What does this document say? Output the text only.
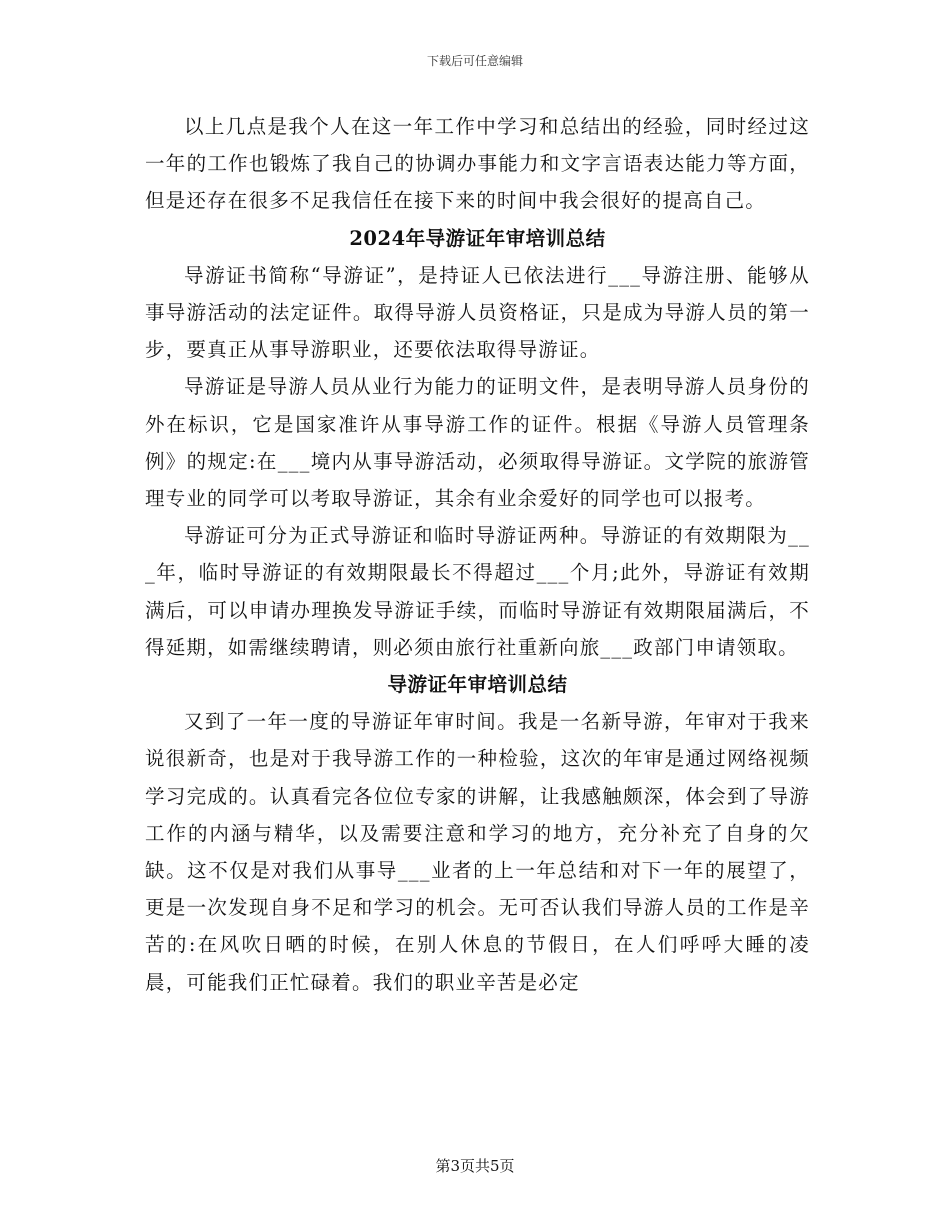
下载后可任意编辑

以上几点是我个人在这一年工作中学习和总结出的经验，同时经过这一年的工作也锻炼了我自己的协调办事能力和文字言语表达能力等方面，但是还存在很多不足我信任在接下来的时间中我会很好的提高自己。

2024年导游证年审培训总结

导游证书简称“导游证”，是持证人已依法进行___导游注册、能够从事导游活动的法定证件。取得导游人员资格证，只是成为导游人员的第一步，要真正从事导游职业，还要依法取得导游证。

导游证是导游人员从业行为能力的证明文件，是表明导游人员身份的外在标识，它是国家准许从事导游工作的证件。根据《导游人员管理条例》的规定:在___境内从事导游活动，必须取得导游证。文学院的旅游管理专业的同学可以考取导游证，其余有业余爱好的同学也可以报考。

导游证可分为正式导游证和临时导游证两种。导游证的有效期限为___年，临时导游证的有效期限最长不得超过___个月;此外，导游证有效期满后，可以申请办理换发导游证手续，而临时导游证有效期限届满后，不得延期，如需继续聘请，则必须由旅行社重新向旅___政部门申请领取。

导游证年审培训总结

又到了一年一度的导游证年审时间。我是一名新导游，年审对于我来说很新奇，也是对于我导游工作的一种检验，这次的年审是通过网络视频学习完成的。认真看完各位位专家的讲解，让我感触颇深，体会到了导游工作的内涵与精华，以及需要注意和学习的地方，充分补充了自身的欠缺。这不仅是对我们从事导___业者的上一年总结和对下一年的展望了，更是一次发现自身不足和学习的机会。无可否认我们导游人员的工作是辛苦的:在风吹日晒的时候，在别人休息的节假日，在人们呼呼大睡的凌晨，可能我们正忙碌着。我们的职业辛苦是必定

第3页共5页
